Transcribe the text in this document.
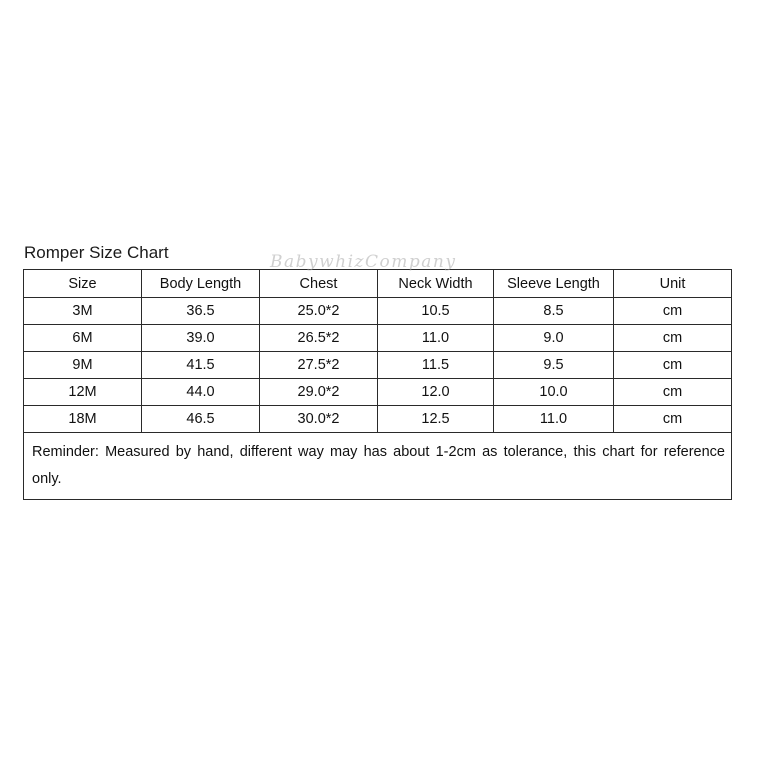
Romper Size Chart	BabywhizCompany
Size	Body Length	Chest	Neck Width	Sleeve Length	Unit
3M	36.5	25.0*2	10.5	8.5	cm
6M	39.0	26.5*2	11.0	9.0	cm
9M	41.5	27.5*2	11.5	9.5	cm
12M	44.0	29.0*2	12.0	10.0	cm
18M	46.5	30.0*2	12.5	11.0	cm
Reminder: Measured by hand, different way may has about 1-2cm as tolerance, this chart for reference only.					
